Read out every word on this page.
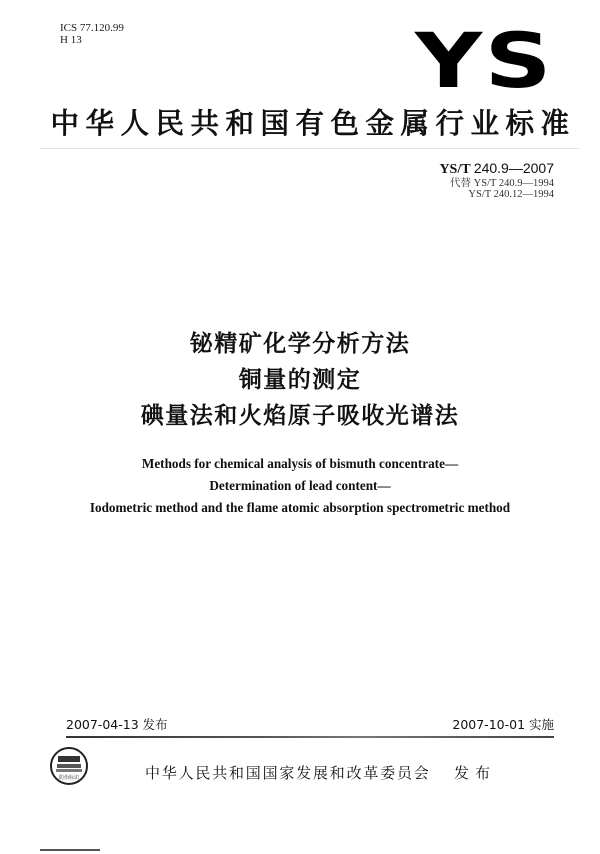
ICS 77.120.99
H 13	YS
中华人民共和国有色金属行业标准
YS/T 240.9—2007
代替 YS/T 240.9—1994
YS/T 240.12—1994
铋精矿化学分析方法
铜量的测定
碘量法和火焰原子吸收光谱法
Methods for chemical analysis of bismuth concentrate—
Determination of lead content—
Iodometric method and the flame atomic absorption spectrometric method
2007-04-13 发布	2007-10-01 实施
防伪标识	中华人民共和国国家发展和改革委员会 发布
